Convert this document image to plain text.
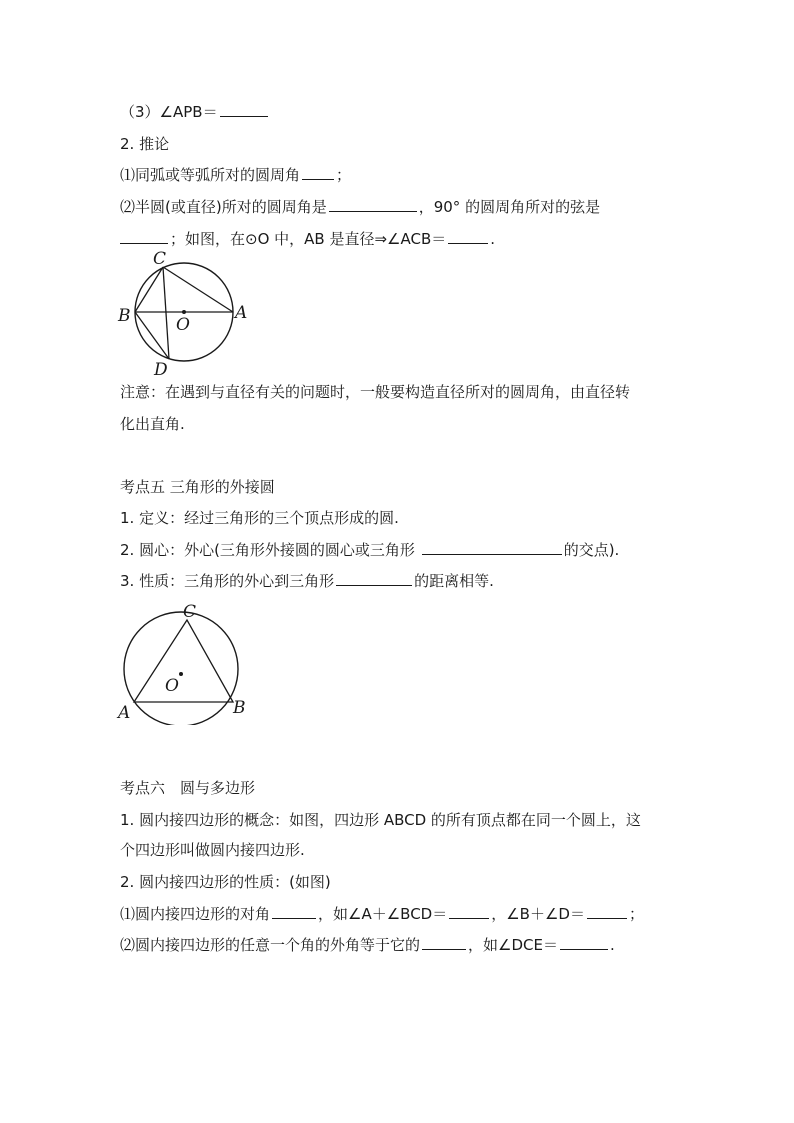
（3）∠APB＝
2. 推论
⑴同弧或等弧所对的圆周角 ；
⑵半圆(或直径)所对的圆周角是	，90° 的圆周角所对的弦是
；如图，在⊙O 中，AB 是直径⇒∠ACB＝	.
C
B	O
A
D
注意：在遇到与直径有关的问题时，一般要构造直径所对的圆周角，由直径转
化出直角.
考点五 三角形的外接圆
1. 定义：经过三角形的三个顶点形成的圆.
2. 圆心：外心(三角形外接圆的圆心或三角形	的交点).
3. 性质：三角形的外心到三角形	的距离相等.
C
O
A	B
考点六　圆与多边形
1. 圆内接四边形的概念：如图，四边形 ABCD 的所有顶点都在同一个圆上，这
个四边形叫做圆内接四边形.
2. 圆内接四边形的性质：(如图)
⑴圆内接四边形的对角	，如∠A＋∠BCD＝	，∠B＋∠D＝	；
⑵圆内接四边形的任意一个角的外角等于它的	，如∠DCE＝	.
